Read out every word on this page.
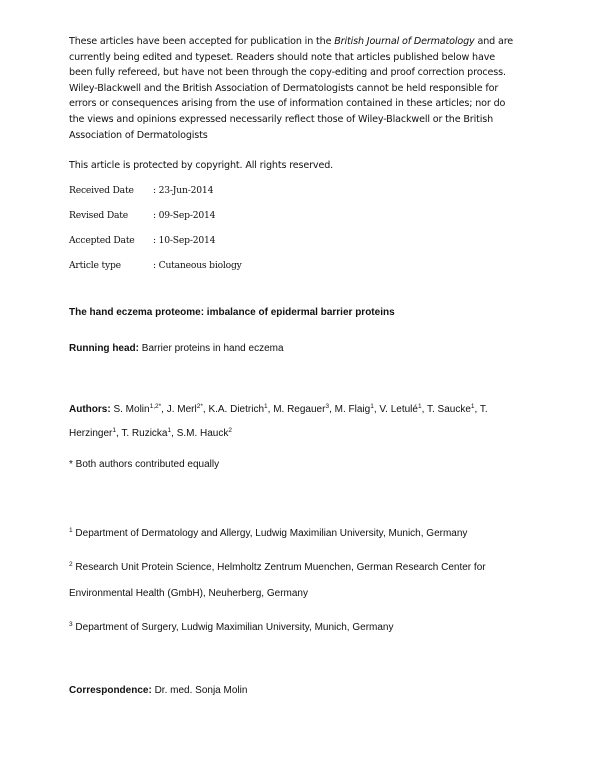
These articles have been accepted for publication in the British Journal of Dermatology and are
currently being edited and typeset. Readers should note that articles published below have
been fully refereed, but have not been through the copy-editing and proof correction process.
Wiley-Blackwell and the British Association of Dermatologists cannot be held responsible for
errors or consequences arising from the use of information contained in these articles; nor do
the views and opinions expressed necessarily reflect those of Wiley-Blackwell or the British
Association of Dermatologists
This article is protected by copyright. All rights reserved.
Received Date : 23-Jun-2014
Revised Date	: 09-Sep-2014
Accepted Date : 10-Sep-2014
Article type	: Cutaneous biology
The hand eczema proteome: imbalance of epidermal barrier proteins
Running head: Barrier proteins in hand eczema
Authors: S. Molin$^{1,2*}$, J. Merl$^{2*}$, K.A. Dietrich$^1$, M. Regauer$^3$, M. Flaig$^1$, V. Letulé$^1$, T. Saucke$^1$, T.
Herzinger$^1$, T. Ruzicka$^1$, S.M. Hauck$^2$
* Both authors contributed equally
$^1$ Department of Dermatology and Allergy, Ludwig Maximilian University, Munich, Germany
$^2$ Research Unit Protein Science, Helmholtz Zentrum Muenchen, German Research Center for
Environmental Health (GmbH), Neuherberg, Germany
$^3$ Department of Surgery, Ludwig Maximilian University, Munich, Germany
Correspondence: Dr. med. Sonja Molin
